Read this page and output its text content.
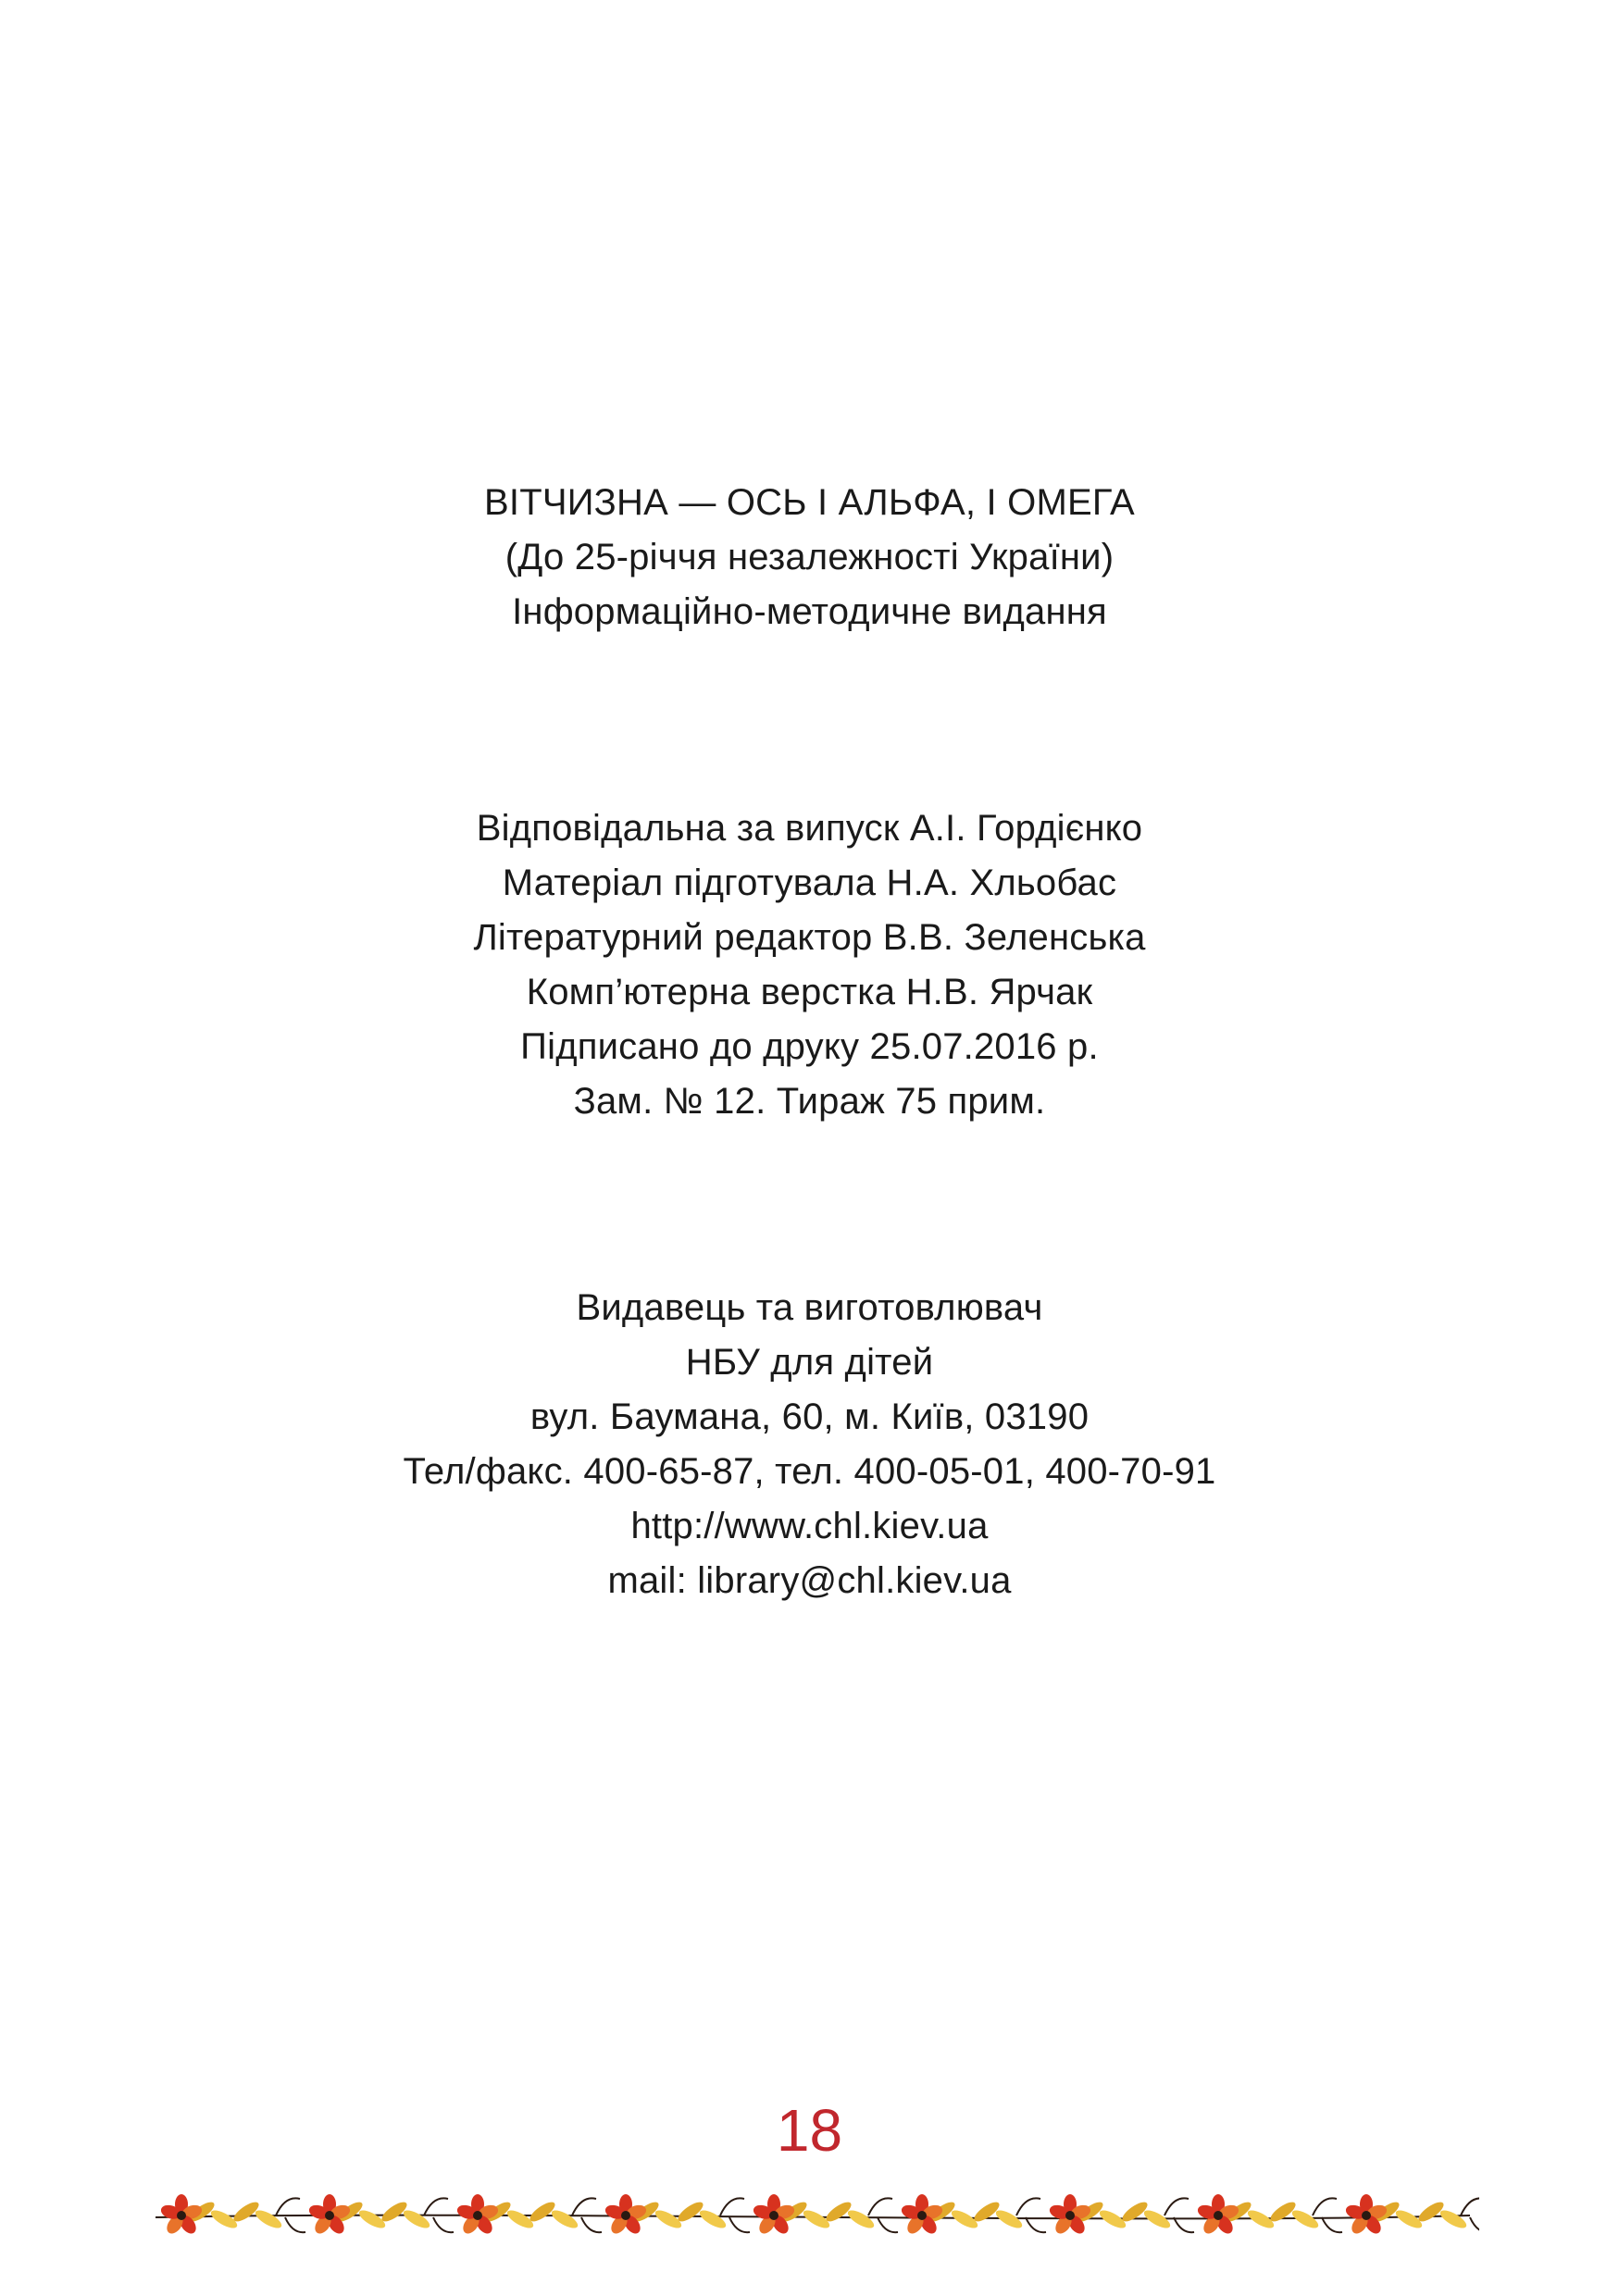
ВІТЧИЗНА — ОСЬ І АЛЬФА, І ОМЕГА
(До 25-річчя незалежності України)
Інформаційно-методичне видання
Відповідальна за випуск А.І. Гордієнко
Матеріал підготувала Н.А. Хльобас
Літературний редактор В.В. Зеленська
Комп’ютерна верстка Н.В. Ярчак
Підписано до друку 25.07.2016 р.
Зам. № 12. Тираж 75 прим.
Видавець та виготовлювач
НБУ для дітей
вул. Баумана, 60, м. Київ, 03190
Тел/факс. 400-65-87, тел. 400-05-01, 400-70-91
http://www.chl.kiev.ua
mail: library@chl.kiev.ua
18
